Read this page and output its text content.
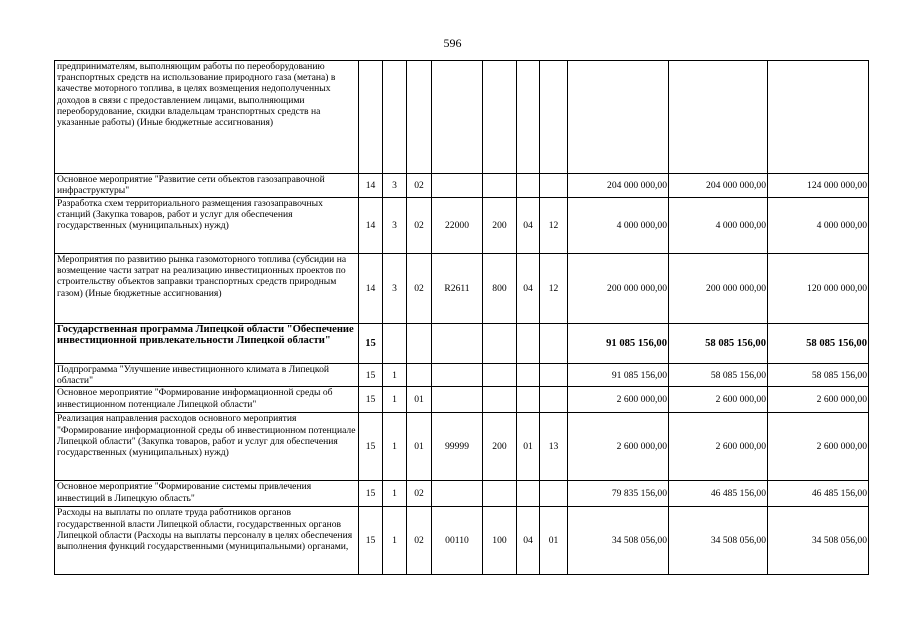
596
предпринимателям, выполняющим работы по переоборудованию транспортных средств на использование природного газа (метана) в качестве моторного топлива, в целях возмещения недополученных доходов в связи с предоставлением лицами, выполняющими переоборудование, скидки владельцам транспортных средств на указанные работы) (Иные бюджетные ассигнования)										
Основное мероприятие "Развитие сети объектов газозаправочной инфраструктуры"	14	3	02					204 000 000,00	204 000 000,00	124 000 000,00
Разработка схем территориального размещения газозаправочных станций (Закупка товаров, работ и услуг для обеспечения государственных (муниципальных) нужд)	14	3	02	22000	200	04	12	4 000 000,00	4 000 000,00	4 000 000,00
Мероприятия по развитию рынка газомоторного топлива (субсидии на возмещение части затрат на реализацию инвестиционных проектов по строительству объектов заправки транспортных средств природным газом) (Иные бюджетные ассигнования)	14	3	02	R2611	800	04	12	200 000 000,00	200 000 000,00	120 000 000,00
Государственная программа Липецкой области "Обеспечение инвестиционной привлекательности Липецкой области"	15							91 085 156,00	58 085 156,00	58 085 156,00
Подпрограмма "Улучшение инвестиционного климата в Липецкой области"	15	1						91 085 156,00	58 085 156,00	58 085 156,00
Основное мероприятие "Формирование информационной среды об инвестиционном потенциале Липецкой области"	15	1	01					2 600 000,00	2 600 000,00	2 600 000,00
Реализация направления расходов основного мероприятия "Формирование информационной среды об инвестиционном потенциале Липецкой области" (Закупка товаров, работ и услуг для обеспечения государственных (муниципальных) нужд)	15	1	01	99999	200	01	13	2 600 000,00	2 600 000,00	2 600 000,00
Основное мероприятие "Формирование системы привлечения инвестиций в Липецкую область"	15	1	02					79 835 156,00	46 485 156,00	46 485 156,00
Расходы на выплаты по оплате труда работников органов государственной власти Липецкой области, государственных органов Липецкой области (Расходы на выплаты персоналу в целях обеспечения выполнения функций государственными (муниципальными) органами,	15	1	02	00110	100	04	01	34 508 056,00	34 508 056,00	34 508 056,00
